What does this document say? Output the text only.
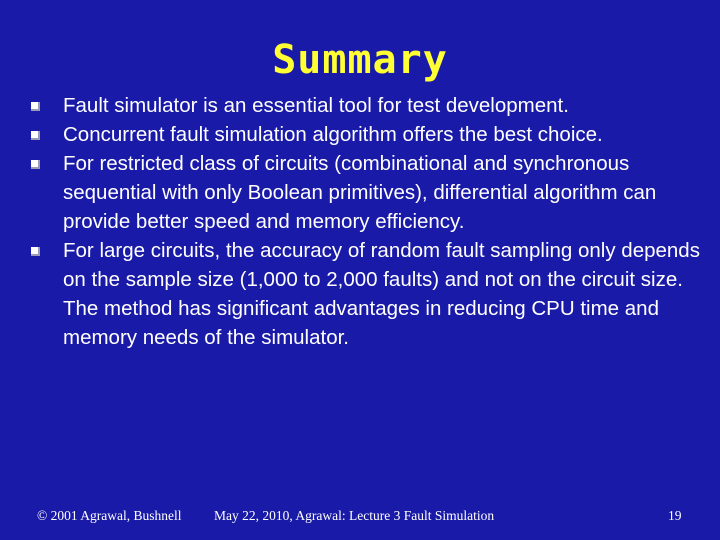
Summary
Fault simulator is an essential tool for test development.
Concurrent fault simulation algorithm offers the best choice.
For restricted class of circuits (combinational and synchronous sequential with only Boolean primitives), differential algorithm can provide better speed and memory efficiency.
For large circuits, the accuracy of random fault sampling only depends on the sample size (1,000 to 2,000 faults) and not on the circuit size. The method has significant advantages in reducing CPU time and memory needs of the simulator.
© 2001 Agrawal, Bushnell May 22, 2010, Agrawal: Lecture 3 Fault Simulation	19
